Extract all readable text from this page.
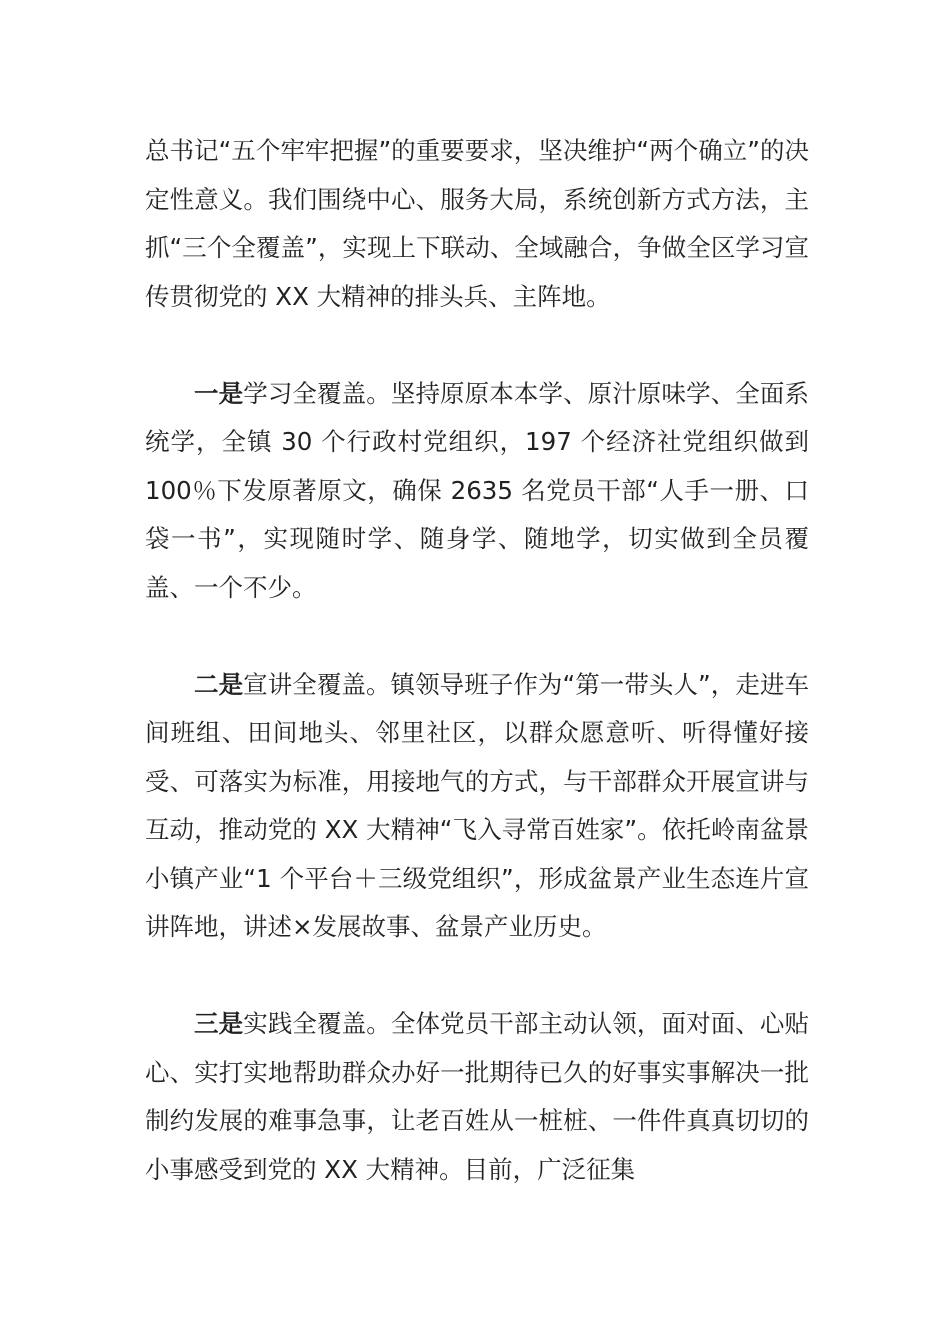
总书记“五个牢牢把握”的重要要求，坚决维护“两个确立”的决定性意义。我们围绕中心、服务大局，系统创新方式方法，主抓“三个全覆盖”，实现上下联动、全域融合，争做全区学习宣传贯彻党的 XX 大精神的排头兵、主阵地。

一是学习全覆盖。坚持原原本本学、原汁原味学、全面系统学，全镇 30 个行政村党组织，197 个经济社党组织做到 100％下发原著原文，确保 2635 名党员干部“人手一册、口袋一书”，实现随时学、随身学、随地学，切实做到全员覆盖、一个不少。

二是宣讲全覆盖。镇领导班子作为“第一带头人”，走进车间班组、田间地头、邻里社区，以群众愿意听、听得懂好接受、可落实为标准，用接地气的方式，与干部群众开展宣讲与互动，推动党的 XX 大精神“飞入寻常百姓家”。依托岭南盆景小镇产业“1 个平台＋三级党组织”，形成盆景产业生态连片宣讲阵地，讲述×发展故事、盆景产业历史。

三是实践全覆盖。全体党员干部主动认领，面对面、心贴心、实打实地帮助群众办好一批期待已久的好事实事解决一批制约发展的难事急事，让老百姓从一桩桩、一件件真真切切的小事感受到党的 XX 大精神。目前，广泛征集
